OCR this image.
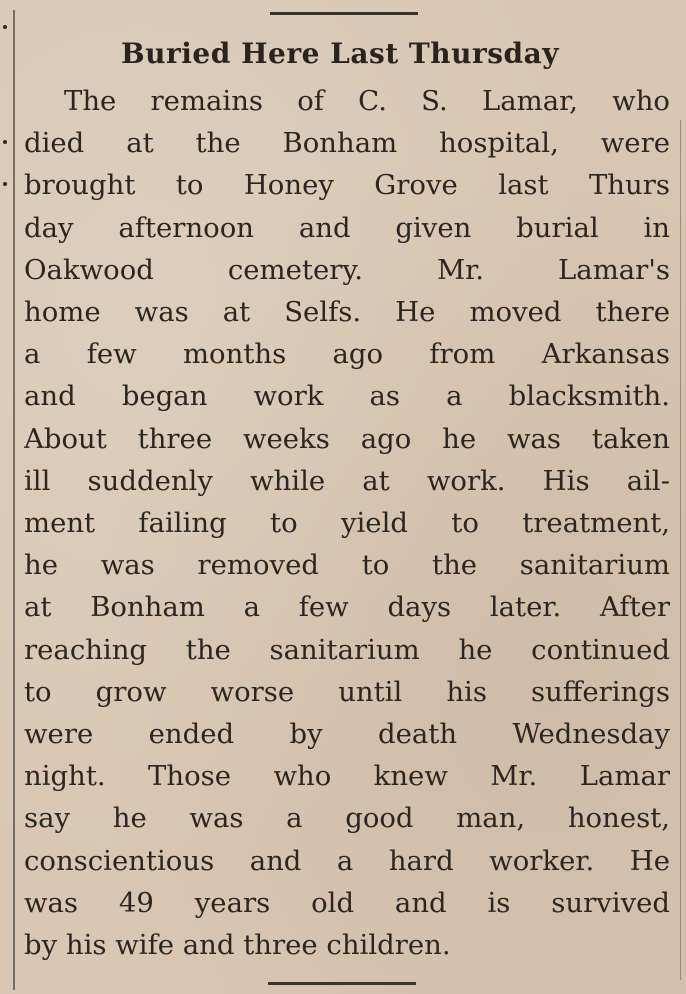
Buried Here Last Thursday
The remains of C. S. Lamar, who
died at the Bonham hospital, were
brought to Honey Grove last Thurs
day afternoon and given burial in
Oakwood cemetery. Mr. Lamar's
home was at Selfs. He moved there
a few months ago from Arkansas
and began work as a blacksmith.
About three weeks ago he was taken
ill suddenly while at work. His ail-
ment failing to yield to treatment,
he was removed to the sanitarium
at Bonham a few days later. After
reaching the sanitarium he continued
to grow worse until his sufferings
were ended by death Wednesday
night. Those who knew Mr. Lamar
say he was a good man, honest,
conscientious and a hard worker. He
was 49 years old and is survived
by his wife and three children.
